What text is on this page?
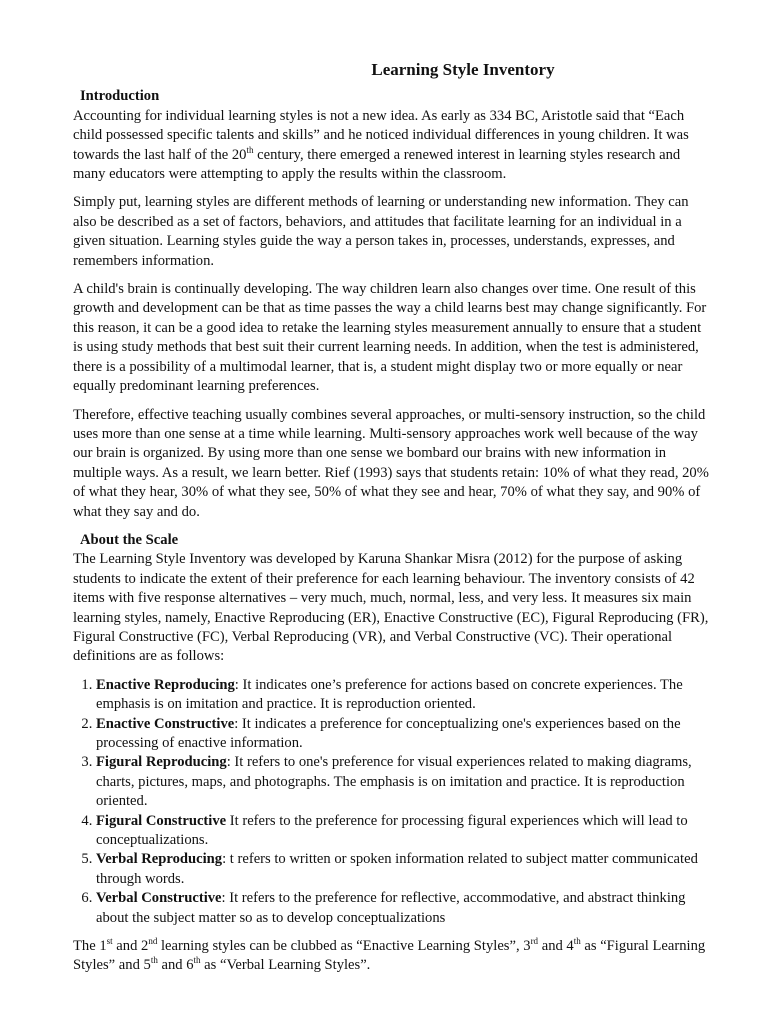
Learning Style Inventory
Introduction

Accounting for individual learning styles is not a new idea. As early as 334 BC, Aristotle said that “Each child possessed specific talents and skills” and he noticed individual differences in young children. It was towards the last half of the 20th century, there emerged a renewed interest in learning styles research and many educators were attempting to apply the results within the classroom.

Simply put, learning styles are different methods of learning or understanding new information. They can also be described as a set of factors, behaviors, and attitudes that facilitate learning for an individual in a given situation. Learning styles guide the way a person takes in, processes, understands, expresses, and remembers information.

A child's brain is continually developing. The way children learn also changes over time. One result of this growth and development can be that as time passes the way a child learns best may change significantly. For this reason, it can be a good idea to retake the learning styles measurement annually to ensure that a student is using study methods that best suit their current learning needs. In addition, when the test is administered, there is a possibility of a multimodal learner, that is, a student might display two or more equally or near equally predominant learning preferences.

Therefore, effective teaching usually combines several approaches, or multi-sensory instruction, so the child uses more than one sense at a time while learning. Multi-sensory approaches work well because of the way our brain is organized. By using more than one sense we bombard our brains with new information in multiple ways. As a result, we learn better. Rief (1993) says that students retain: 10% of what they read, 20% of what they hear, 30% of what they see, 50% of what they see and hear, 70% of what they say, and 90% of what they say and do.

About the Scale

The Learning Style Inventory was developed by Karuna Shankar Misra (2012) for the purpose of asking students to indicate the extent of their preference for each learning behaviour. The inventory consists of 42 items with five response alternatives – very much, much, normal, less, and very less. It measures six main learning styles, namely, Enactive Reproducing (ER), Enactive Constructive (EC), Figural Reproducing (FR), Figural Constructive (FC), Verbal Reproducing (VR), and Verbal Constructive (VC). Their operational definitions are as follows:

1. Enactive Reproducing: It indicates one’s preference for actions based on concrete experiences. The emphasis is on imitation and practice. It is reproduction oriented.
2. Enactive Constructive: It indicates a preference for conceptualizing one's experiences based on the processing of enactive information.
3. Figural Reproducing: It refers to one's preference for visual experiences related to making diagrams, charts, pictures, maps, and photographs. The emphasis is on imitation and practice. It is reproduction oriented.
4. Figural Constructive It refers to the preference for processing figural experiences which will lead to conceptualizations.
5. Verbal Reproducing: t refers to written or spoken information related to subject matter communicated through words.
6. Verbal Constructive: It refers to the preference for reflective, accommodative, and abstract thinking about the subject matter so as to develop conceptualizations

The 1st and 2nd learning styles can be clubbed as “Enactive Learning Styles”, 3rd and 4th as “Figural Learning Styles” and 5th and 6th as “Verbal Learning Styles”.
